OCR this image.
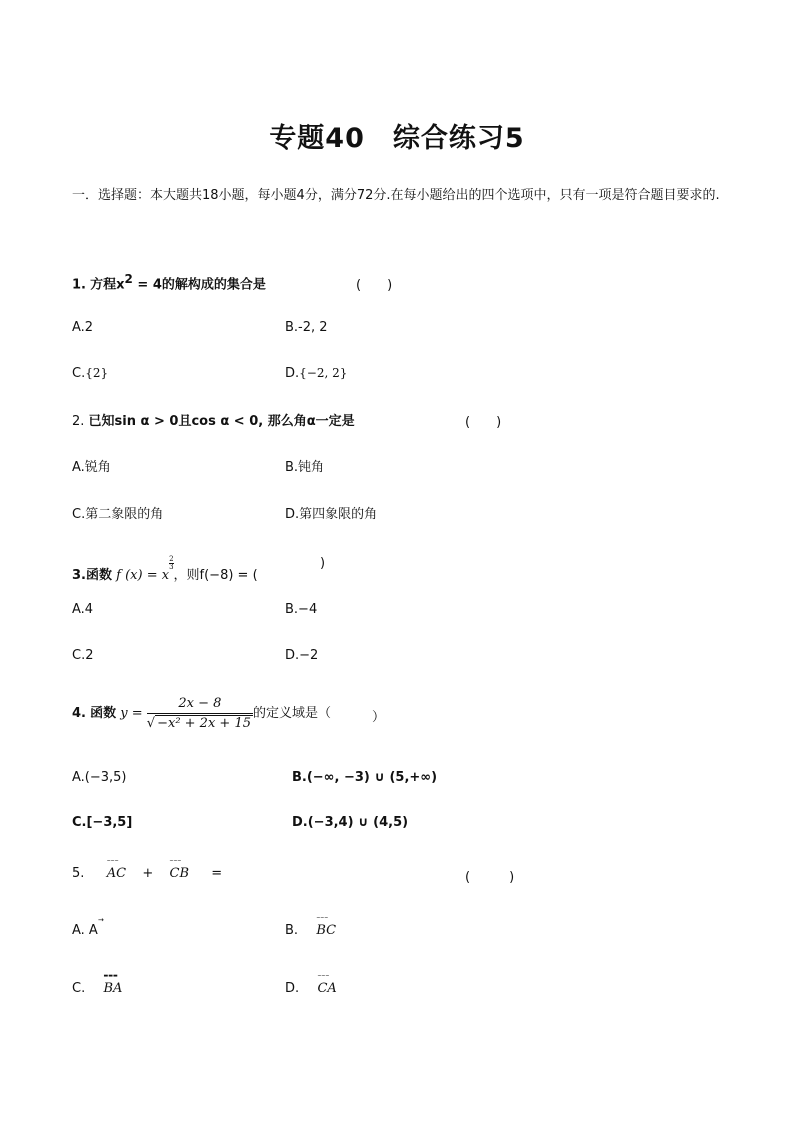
专题40　综合练习5
一．选择题：本大题共18小题，每小题4分，满分72分.在每小题给出的四个选项中，只有一项是符合题目要求的.
1. 方程$x^2 = 4$的解构成的集合是	(　　)
A.2	B.-2, 2
C.{2}	D.{−2, 2}
2. 已知sin α > 0且cos α < 0, 那么角α一定是	(　　)
A.锐角	B.钝角
C.第二象限的角	D.第四象限的角
3.函数 f (x) = x
$\frac{2}{3}$
，则f(−8) = (
)
A.4	B.−4
C.2	D.−2
4. 函数 $y = \frac{2x - 8}{\text{√ −x² + 2x + 15}}$ 的定义域是（	）
A.(−3,5)	B.(−∞, −3) ∪ (5,+∞)
C.[−3,5]	D.(−3,4) ∪ (4,5)
5. ⌢⌢⌢ AC + ⌢⌢⌢ CB =	(　　　)
A. A →	B. ⌢⌢⌢ BC
C. ▬▬▬ BA	D. ⌢⌢⌢ CA
